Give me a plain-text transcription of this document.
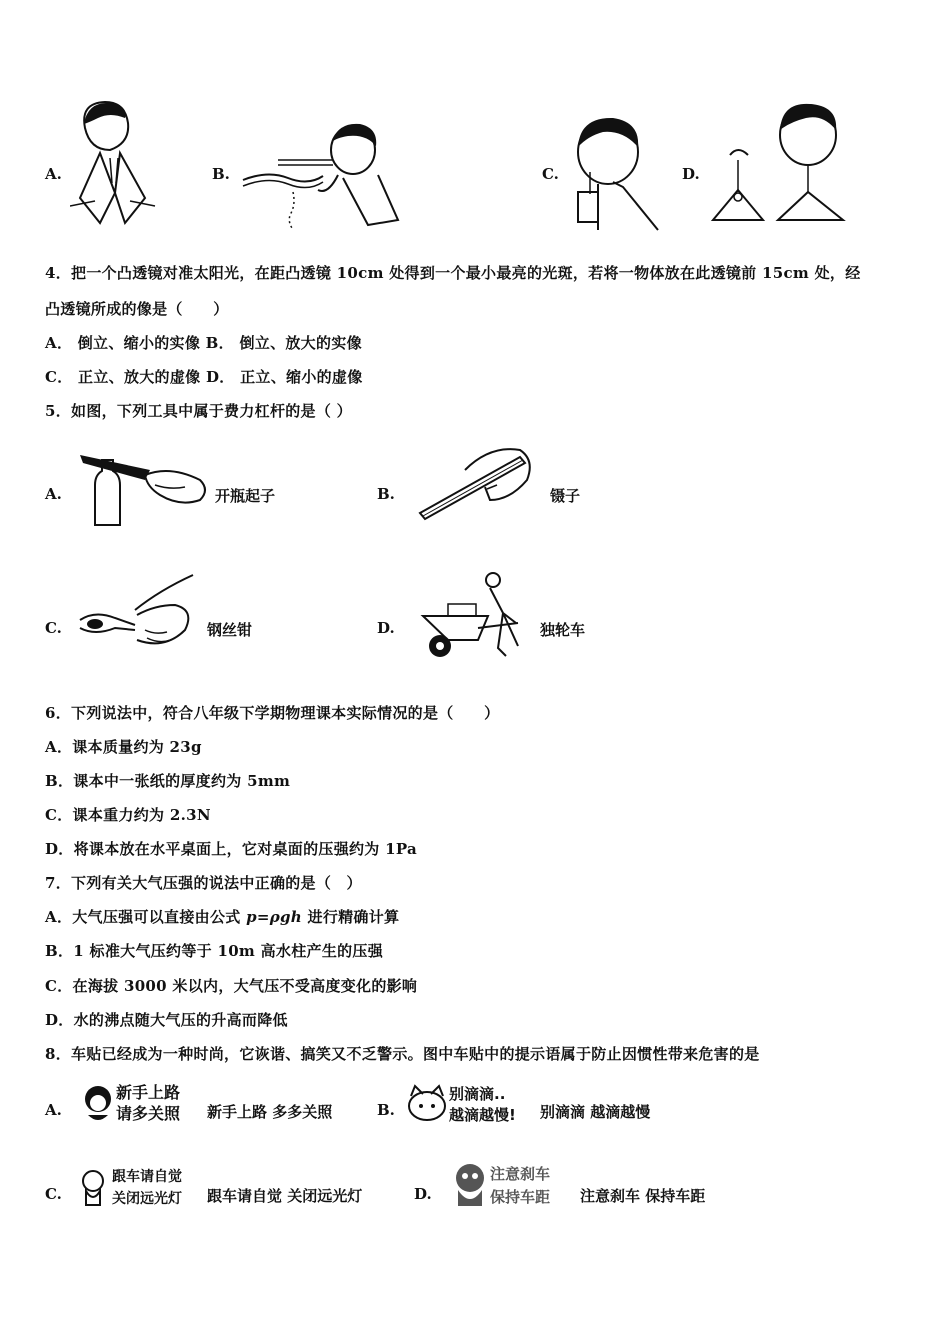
A.	B.	C.	D.
4．把一个凸透镜对准太阳光，在距凸透镜 10cm 处得到一个最小最亮的光斑，若将一物体放在此透镜前 15cm 处，经
凸透镜所成的像是（　　）
A． 倒立、缩小的实像 B． 倒立、放大的实像
C． 正立、放大的虚像 D． 正立、缩小的虚像
5．如图，下列工具中属于费力杠杆的是（ ）
A.	开瓶起子	B.	镊子
C.	钢丝钳	D.	独轮车
6．下列说法中，符合八年级下学期物理课本实际情况的是（　　）
A．课本质量约为 23g
B．课本中一张纸的厚度约为 5mm
C．课本重力约为 2.3N
D．将课本放在水平桌面上，它对桌面的压强约为 1Pa
7．下列有关大气压强的说法中正确的是（　）
A．大气压强可以直接由公式 p=ρgh 进行精确计算
B．1 标准大气压约等于 10m 高水柱产生的压强
C．在海拔 3000 米以内，大气压不受高度变化的影响
D．水的沸点随大气压的升高而降低
8．车贴已经成为一种时尚，它诙谐、搞笑又不乏警示。图中车贴中的提示语属于防止因惯性带来危害的是
A.
新手上路
请多关照 新手上路 多多关照	B.
别滴滴..
越滴越慢! 别滴滴 越滴越慢
C.
跟车请自觉
关闭远光灯 跟车请自觉 关闭远光灯	D.
注意刹车
保持车距 注意刹车 保持车距
